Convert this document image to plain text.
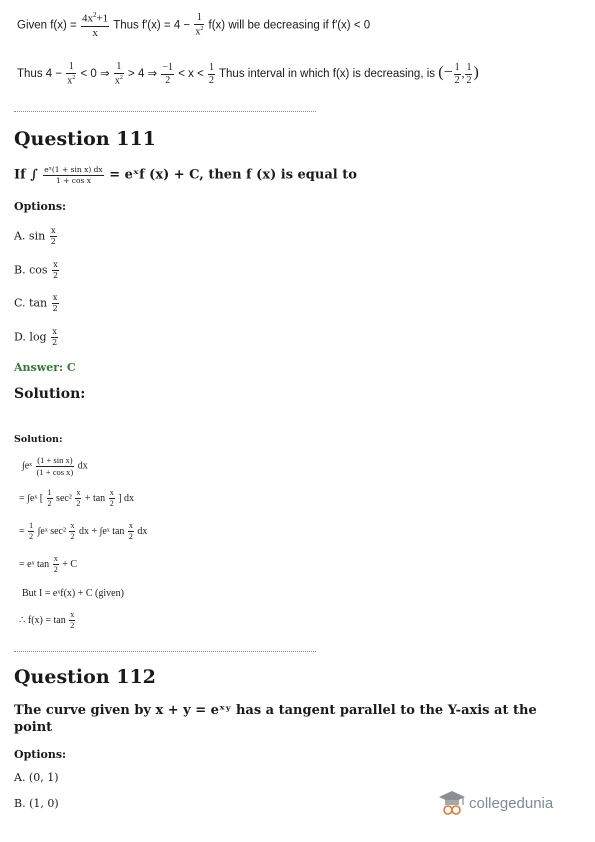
Given $f(x) = \frac{4x^2+1}{x}$ Thus $f'(x) = 4 - \frac{1}{x^2} f(x)$ will be decreasing if f′(x) < 0
Thus $4 - \frac{1}{x^2} < 0$ ⇒ $\frac{1}{x^2} > 4$ ⇒ $\frac{-1}{2} < x < \frac{1}{2}$ Thus interval in which f(x) is decreasing, is (− $\frac{1}{2}$ , $\frac{1}{2}$ )
Question 111
If ∫ $\frac{\text{eˣ(1 + sin x) dx}}{\text{1 + cos x}}$ = eˣf (x) + C, then f (x) is equal to
Options:
A. $\sin \frac{x}{2}$
B. $\cos \frac{x}{2}$
C. $\tan \frac{x}{2}$
D. $\log \frac{x}{2}$
Answer: C
Solution:
Solution:
∫eˣ $\frac{\text{(1 + sin x)}}{\text{(1 + cos x)}}$ dx
= ∫eˣ [ $\frac{1}{2} \sec^2 \frac{x}{2} + \tan \frac{x}{2}$ ] dx
= $\frac{1}{2}$ ∫eˣ $\sec^2 \frac{x}{2}$ dx + ∫eˣ $\tan \frac{x}{2}$ dx
= eˣ $\tan \frac{x}{2} + C$
But I = eˣf(x) + C (given)
∴ $f(x) = \tan \frac{x}{2}$
Question 112
The curve given by x + y = eˣʸ has a tangent parallel to the Y-axis at the
point
Options:
A. (0, 1)
B. (1, 0)	collegedunia
